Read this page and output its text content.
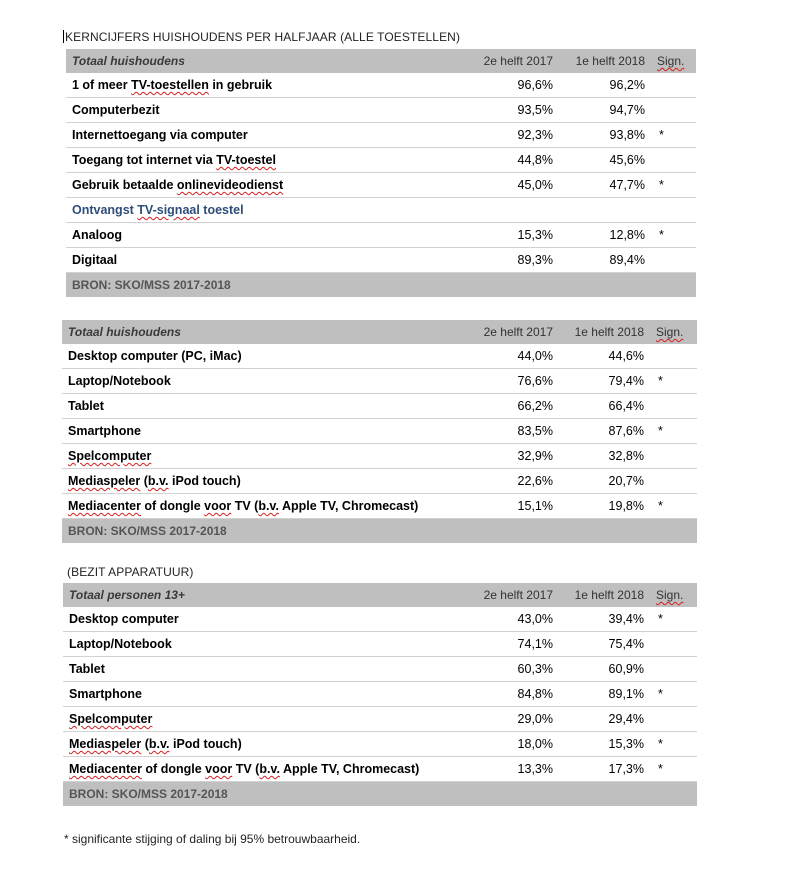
KERNCIJFERS HUISHOUDENS PER HALFJAAR (ALLE TOESTELLEN)
Totaal huishoudens	2e helft 2017	1e helft 2018	Sign.
1 of meer TV-toestellen in gebruik	96,6%	96,2%	
Computerbezit	93,5%	94,7%	
Internettoegang via computer	92,3%	93,8%	*
Toegang tot internet via TV-toestel	44,8%	45,6%	
Gebruik betaalde onlinevideodienst	45,0%	47,7%	*
Ontvangst TV-signaal toestel			
Analoog	15,3%	12,8%	*
Digitaal	89,3%	89,4%	
BRON: SKO/MSS 2017-2018			
Totaal huishoudens	2e helft 2017	1e helft 2018	Sign.
Desktop computer (PC, iMac)	44,0%	44,6%	
Laptop/Notebook	76,6%	79,4%	*
Tablet	66,2%	66,4%	
Smartphone	83,5%	87,6%	*
Spelcomputer	32,9%	32,8%	
Mediaspeler (b.v. iPod touch)	22,6%	20,7%	
Mediacenter of dongle voor TV (b.v. Apple TV, Chromecast)	15,1%	19,8%	*
BRON: SKO/MSS 2017-2018			
(BEZIT APPARATUUR)
Totaal personen 13+	2e helft 2017	1e helft 2018	Sign.
Desktop computer	43,0%	39,4%	*
Laptop/Notebook	74,1%	75,4%	
Tablet	60,3%	60,9%	
Smartphone	84,8%	89,1%	*
Spelcomputer	29,0%	29,4%	
Mediaspeler (b.v. iPod touch)	18,0%	15,3%	*
Mediacenter of dongle voor TV (b.v. Apple TV, Chromecast)	13,3%	17,3%	*
BRON: SKO/MSS 2017-2018			
* significante stijging of daling bij 95% betrouwbaarheid.
